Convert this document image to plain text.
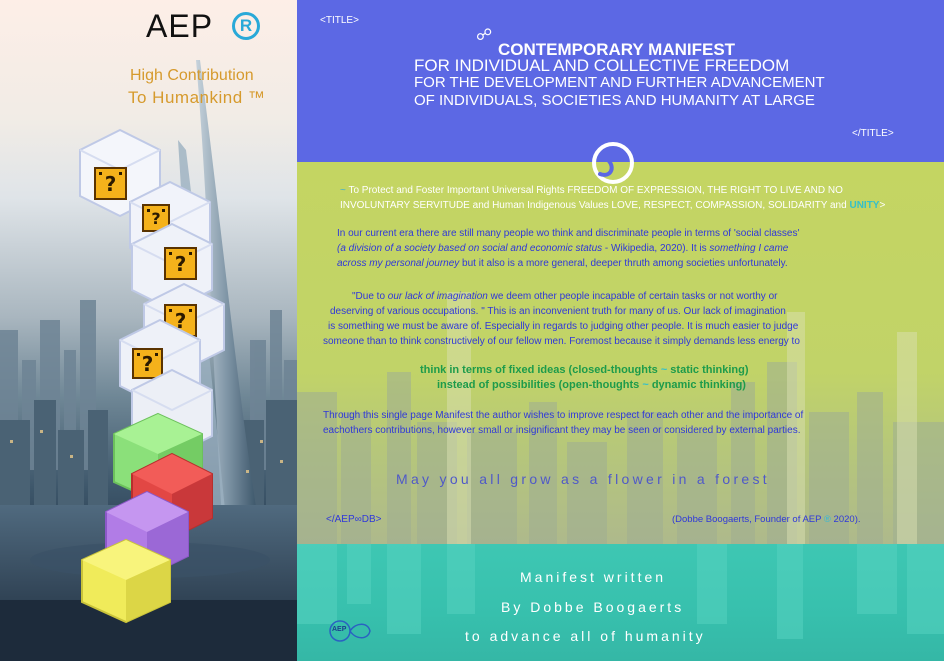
AEP	R
High Contribution
To Humankind ™
?
?
?
?
?
<TITLE>
☍
CONTEMPORARY MANIFEST
FOR INDIVIDUAL AND COLLECTIVE FREEDOM
FOR THE DEVELOPMENT AND FURTHER ADVANCEMENT
OF INDIVIDUALS, SOCIETIES AND HUMANITY AT LARGE
</TITLE>
~ To Protect and Foster Important Universal Rights FREEDOM OF EXPRESSION, THE RIGHT TO LIVE AND NO
INVOLUNTARY SERVITUDE and Human Indigenous Values LOVE, RESPECT, COMPASSION, SOLIDARITY and UNITY>
In our current era there are still many people wo think and discriminate people in terms of 'social classes'
(a division of a society based on social and economic status - Wikipedia, 2020). It is something I came
across my personal journey but it also is a more general, deeper thruth among societies unfortunately.
"Due to our lack of imagination we deem other people incapable of certain tasks or not worthy or
deserving of various occupations. " This is an inconvenient truth for many of us. Our lack of imagination
is something we must be aware of. Especially in regards to judging other people. It is much easier to judge
someone than to think constructively of our fellow men. Foremost because it simply demands less energy to
think in terms of fixed ideas (closed-thoughts ~ static thinking)
instead of possibilities (open-thoughts ~ dynamic thinking)
Through this single page Manifest the author wishes to improve respect for each other and the importance of
eachothers contributions, however small or insignificant they may be seen or considered by external parties.
May you all grow as a flower in a forest
</AEP∞DB>	(Dobbe Boogaerts, Founder of AEP ® 2020).
Manifest written
By Dobbe Boogaerts
to advance all of humanity
AEP
